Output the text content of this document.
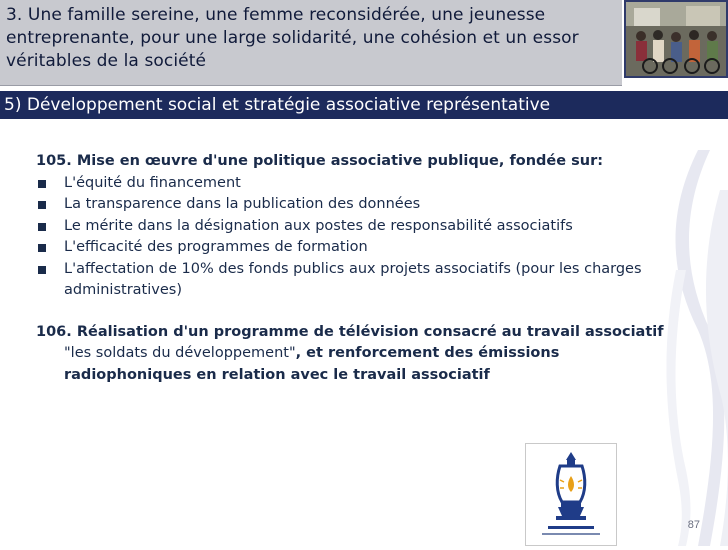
3. Une famille sereine, une femme reconsidérée, une jeunesse entreprenante, pour une large solidarité, une cohésion et un essor véritables de la société
5) Développement social et stratégie associative représentative
105. Mise en œuvre d'une politique associative publique, fondée sur:
L'équité du financement
La transparence dans la publication des données
Le mérite dans la désignation aux postes de responsabilité associatifs
L'efficacité des programmes de formation
L'affectation de 10% des fonds publics aux projets associatifs (pour les charges administratives)
106. Réalisation d'un programme de télévision consacré au travail associatif "les soldats du développement", et renforcement des émissions radiophoniques en relation avec le travail associatif
87
